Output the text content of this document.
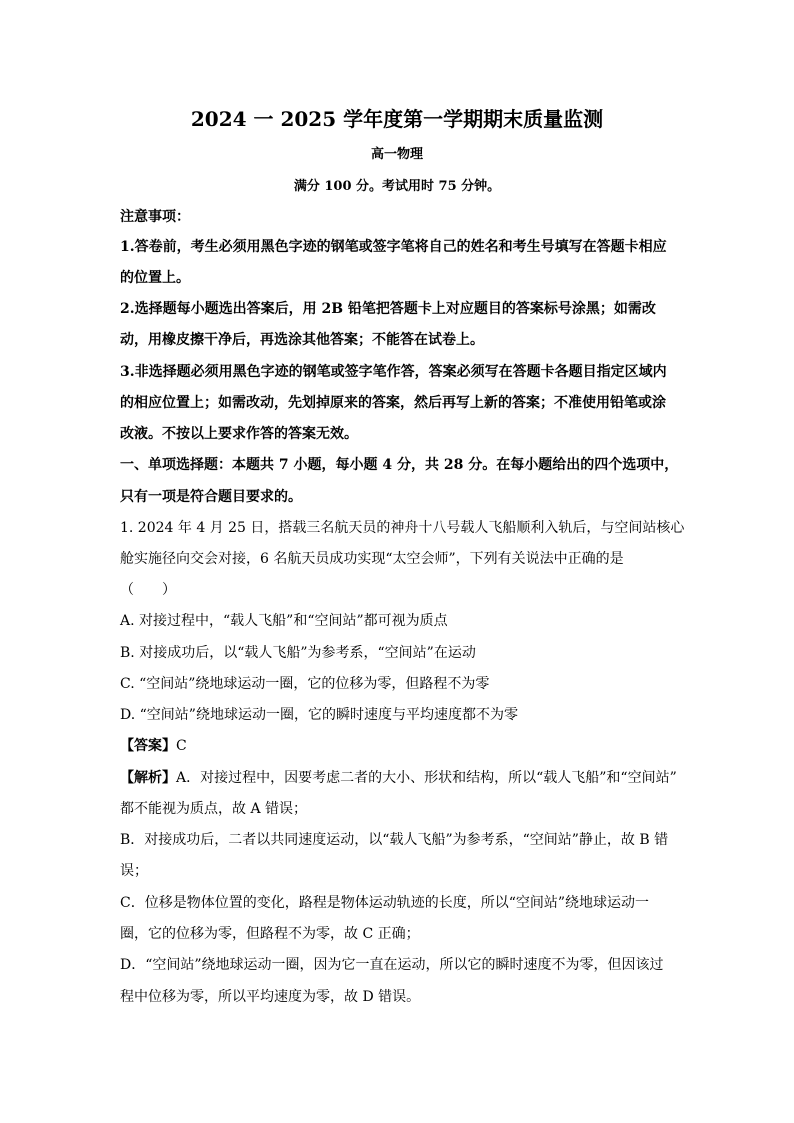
2024 一 2025 学年度第一学期期末质量监测
高一物理
满分 100 分。考试用时 75 分钟。
注意事项：
1.答卷前，考生必须用黑色字迹的钢笔或签字笔将自己的姓名和考生号填写在答题卡相应
的位置上。
2.选择题每小题选出答案后，用 2B 铅笔把答题卡上对应题目的答案标号涂黑；如需改
动，用橡皮擦干净后，再选涂其他答案；不能答在试卷上。
3.非选择题必须用黑色字迹的钢笔或签字笔作答，答案必须写在答题卡各题目指定区域内
的相应位置上；如需改动，先划掉原来的答案，然后再写上新的答案；不准使用铅笔或涂
改液。不按以上要求作答的答案无效。
一、单项选择题：本题共 7 小题，每小题 4 分，共 28 分。在每小题给出的四个选项中，
只有一项是符合题目要求的。
1. 2024 年 4 月 25 日，搭载三名航天员的神舟十八号载人飞船顺利入轨后，与空间站核心
舱实施径向交会对接，6 名航天员成功实现“太空会师”，下列有关说法中正确的是
（　　）
A. 对接过程中，“载人飞船”和“空间站”都可视为质点
B. 对接成功后，以“载人飞船”为参考系，“空间站”在运动
C. “空间站”绕地球运动一圈，它的位移为零，但路程不为零
D. “空间站”绕地球运动一圈，它的瞬时速度与平均速度都不为零
【答案】C
【解析】A．对接过程中，因要考虑二者的大小、形状和结构，所以“载人飞船”和“空间站”
都不能视为质点，故 A 错误；
B．对接成功后，二者以共同速度运动，以“载人飞船”为参考系，“空间站”静止，故 B 错
误；
C．位移是物体位置的变化，路程是物体运动轨迹的长度，所以“空间站”绕地球运动一
圈，它的位移为零，但路程不为零，故 C 正确；
D．“空间站”绕地球运动一圈，因为它一直在运动，所以它的瞬时速度不为零，但因该过
程中位移为零，所以平均速度为零，故 D 错误。
